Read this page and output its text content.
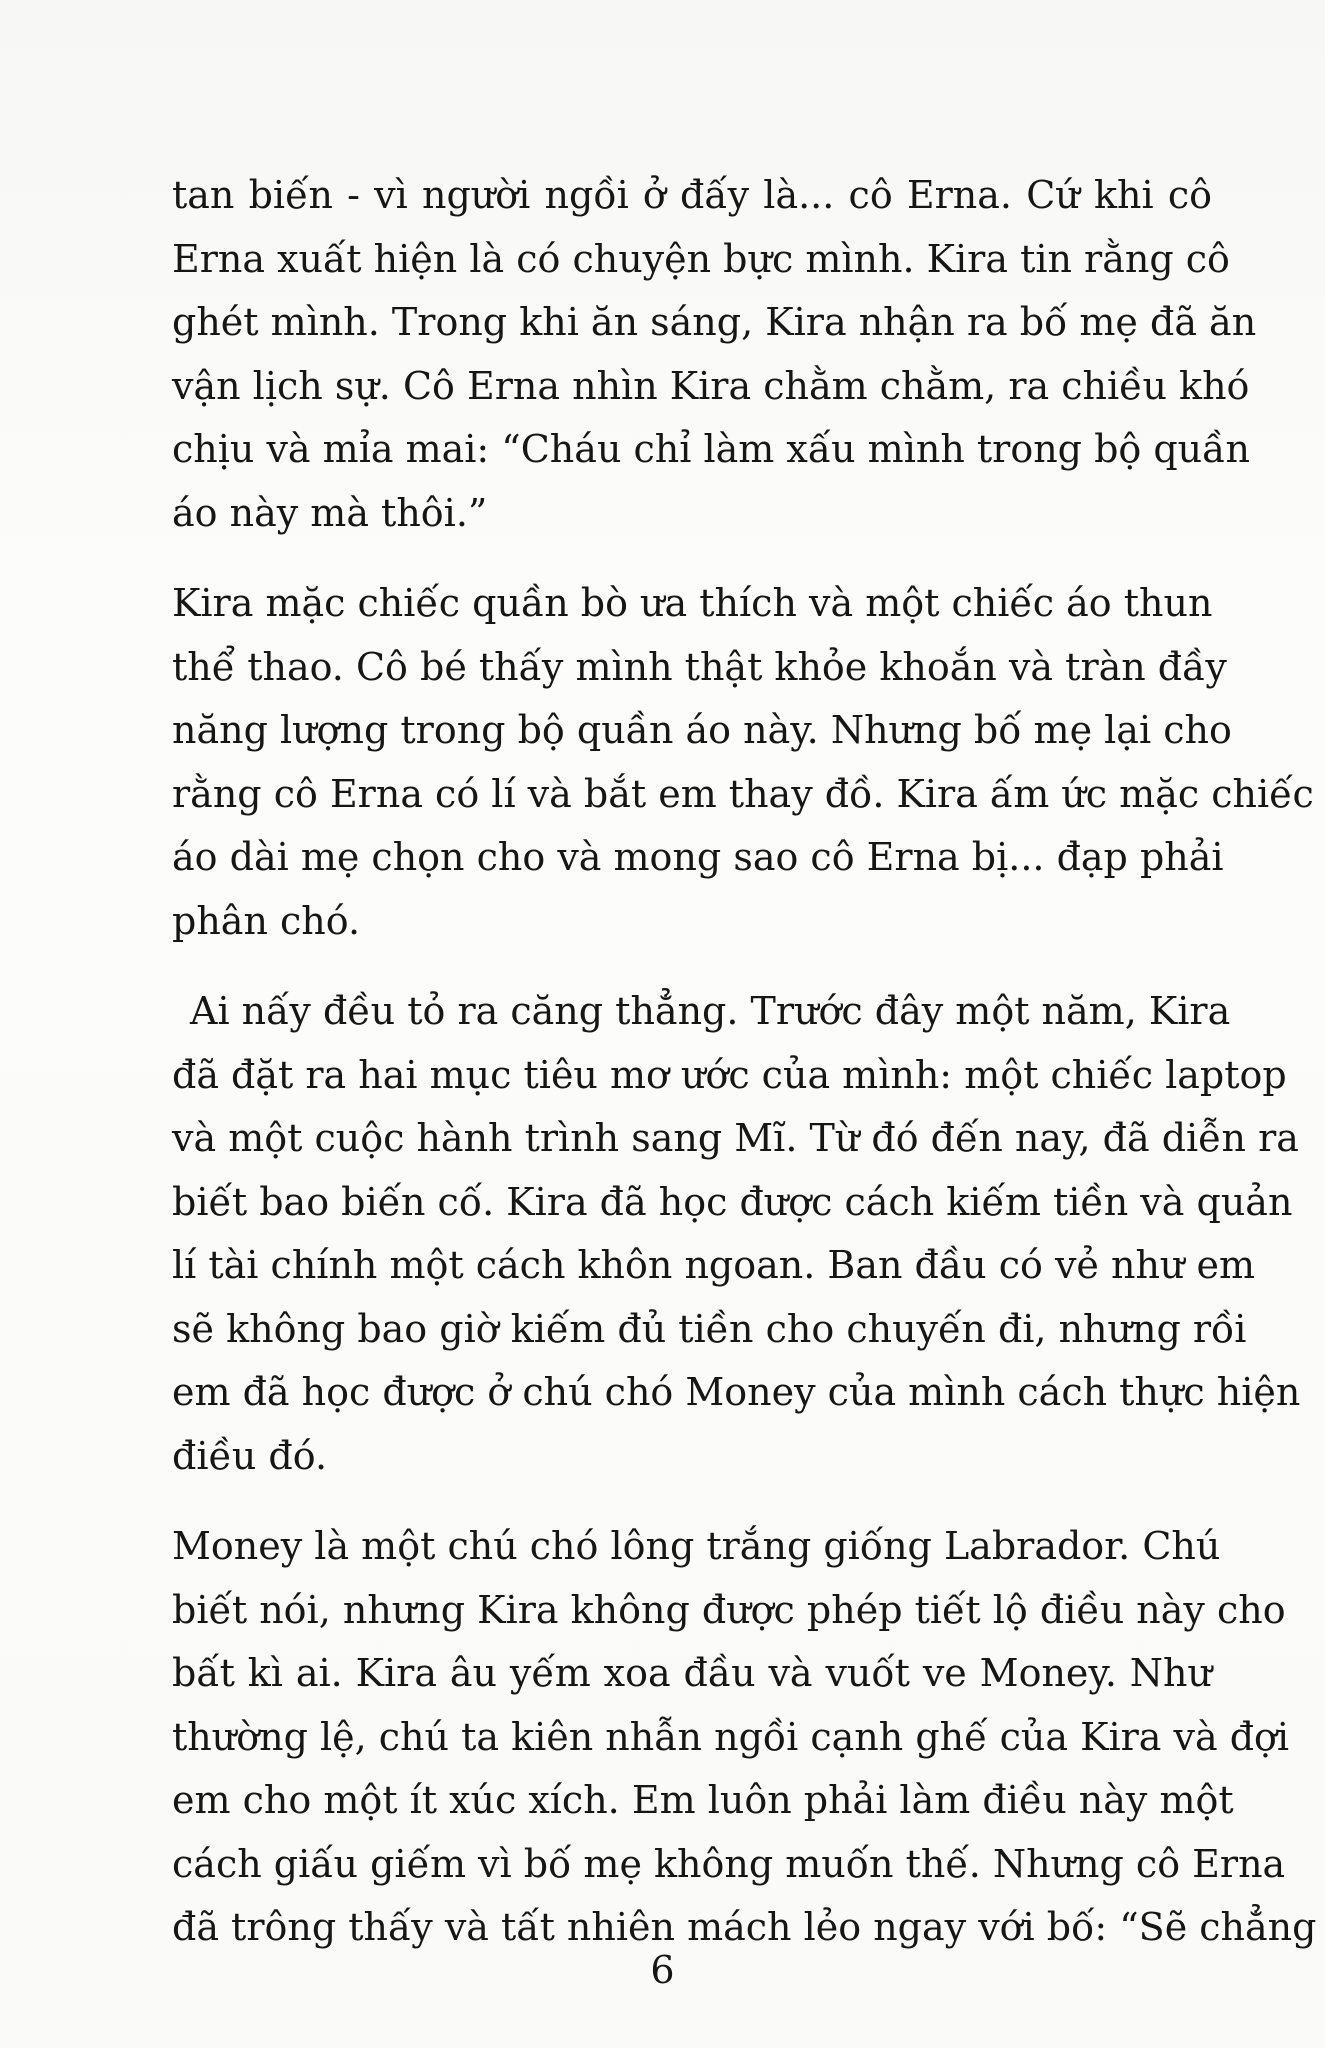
tan biến - vì người ngồi ở đấy là... cô Erna. Cứ khi cô
Erna xuất hiện là có chuyện bực mình. Kira tin rằng cô
ghét mình. Trong khi ăn sáng, Kira nhận ra bố mẹ đã ăn
vận lịch sự. Cô Erna nhìn Kira chằm chằm, ra chiều khó
chịu và mỉa mai: “Cháu chỉ làm xấu mình trong bộ quần
áo này mà thôi.”

Kira mặc chiếc quần bò ưa thích và một chiếc áo thun
thể thao. Cô bé thấy mình thật khỏe khoắn và tràn đầy
năng lượng trong bộ quần áo này. Nhưng bố mẹ lại cho
rằng cô Erna có lí và bắt em thay đồ. Kira ấm ức mặc chiếc
áo dài mẹ chọn cho và mong sao cô Erna bị... đạp phải
phân chó.

Ai nấy đều tỏ ra căng thẳng. Trước đây một năm, Kira
đã đặt ra hai mục tiêu mơ ước của mình: một chiếc laptop
và một cuộc hành trình sang Mĩ. Từ đó đến nay, đã diễn ra
biết bao biến cố. Kira đã học được cách kiếm tiền và quản
lí tài chính một cách khôn ngoan. Ban đầu có vẻ như em
sẽ không bao giờ kiếm đủ tiền cho chuyến đi, nhưng rồi
em đã học được ở chú chó Money của mình cách thực hiện
điều đó.

Money là một chú chó lông trắng giống Labrador. Chú
biết nói, nhưng Kira không được phép tiết lộ điều này cho
bất kì ai. Kira âu yếm xoa đầu và vuốt ve Money. Như
thường lệ, chú ta kiên nhẫn ngồi cạnh ghế của Kira và đợi
em cho một ít xúc xích. Em luôn phải làm điều này một
cách giấu giếm vì bố mẹ không muốn thế. Nhưng cô Erna
đã trông thấy và tất nhiên mách lẻo ngay với bố: “Sẽ chẳng

6
